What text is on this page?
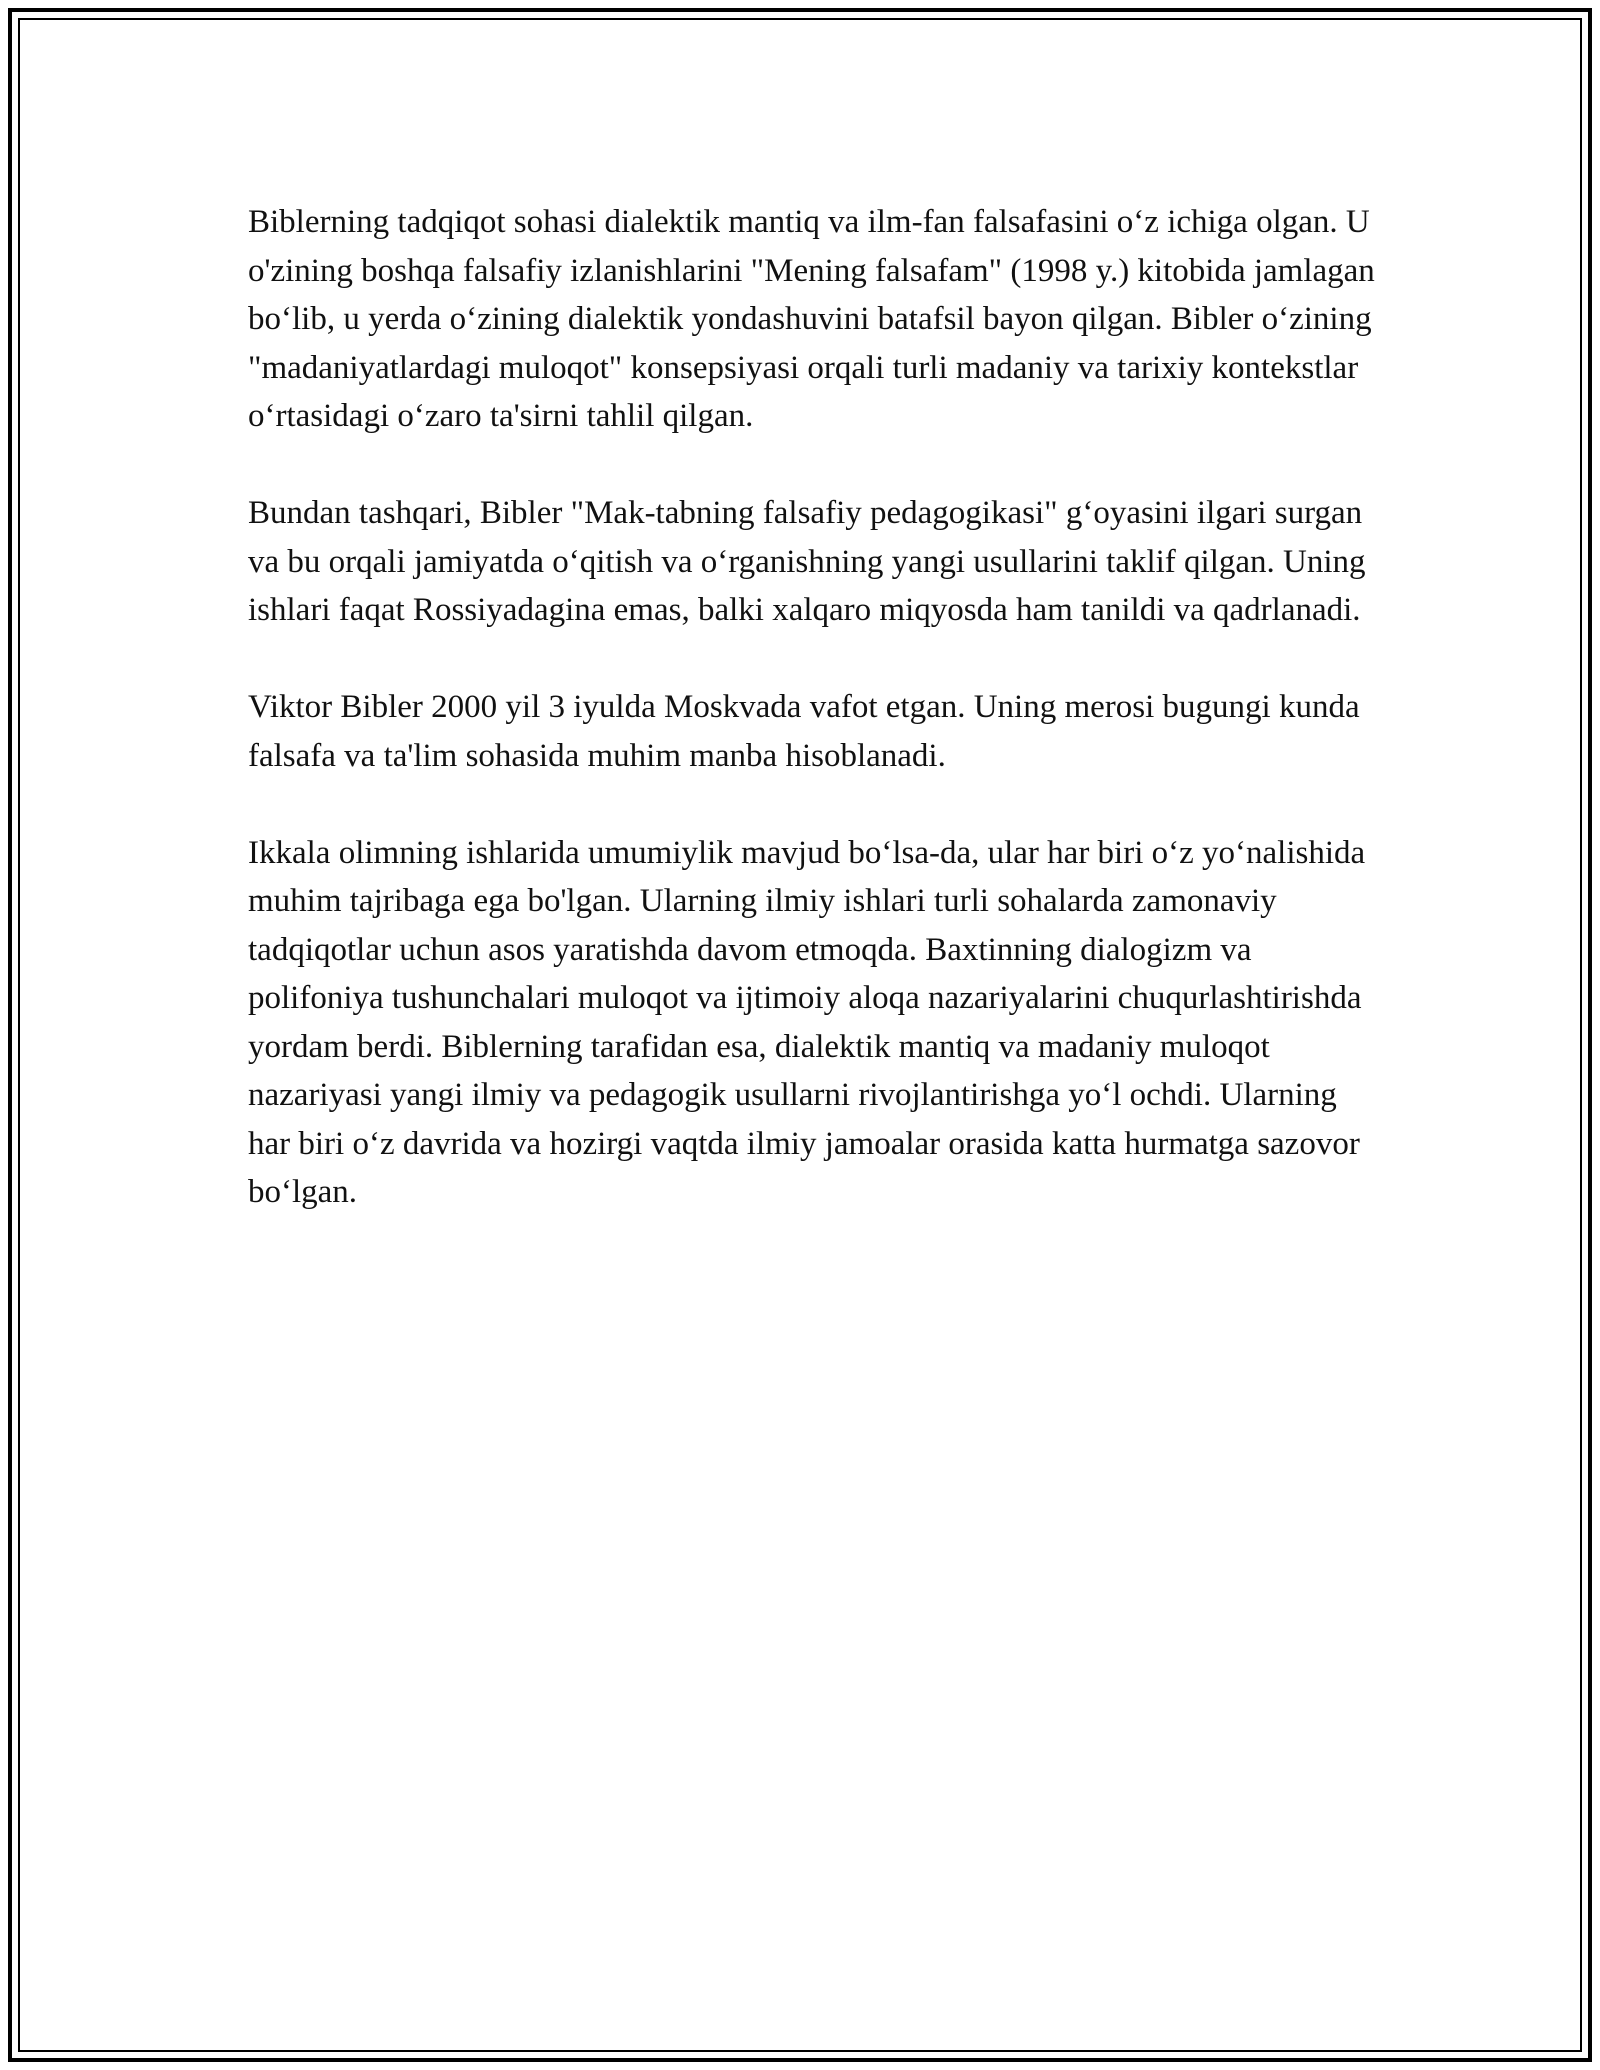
Biblerning tadqiqot sohasi dialektik mantiq va ilm-fan falsafasini o‘z ichiga olgan. U o'zining boshqa falsafiy izlanishlarini "Mening falsafam" (1998 y.) kitobida jamlagan bo‘lib, u yerda o‘zining dialektik yondashuvini batafsil bayon qilgan. Bibler o‘zining "madaniyatlardagi muloqot" konsepsiyasi orqali turli madaniy va tarixiy kontekstlar o‘rtasidagi o‘zaro ta'sirni tahlil qilgan.

Bundan tashqari, Bibler "Mak-tabning falsafiy pedagogikasi" g‘oyasini ilgari surgan va bu orqali jamiyatda o‘qitish va o‘rganishning yangi usullarini taklif qilgan. Uning ishlari faqat Rossiyadagina emas, balki xalqaro miqyosda ham tanildi va qadrlanadi.

Viktor Bibler 2000 yil 3 iyulda Moskvada vafot etgan. Uning merosi bugungi kunda falsafa va ta'lim sohasida muhim manba hisoblanadi.

Ikkala olimning ishlarida umumiylik mavjud bo‘lsa-da, ular har biri o‘z yo‘nalishida muhim tajribaga ega bo'lgan. Ularning ilmiy ishlari turli sohalarda zamonaviy tadqiqotlar uchun asos yaratishda davom etmoqda. Baxtinning dialogizm va polifoniya tushunchalari muloqot va ijtimoiy aloqa nazariyalarini chuqurlashtirishda yordam berdi. Biblerning tarafidan esa, dialektik mantiq va madaniy muloqot nazariyasi yangi ilmiy va pedagogik usullarni rivojlantirishga yo‘l ochdi. Ularning har biri o‘z davrida va hozirgi vaqtda ilmiy jamoalar orasida katta hurmatga sazovor bo‘lgan.
